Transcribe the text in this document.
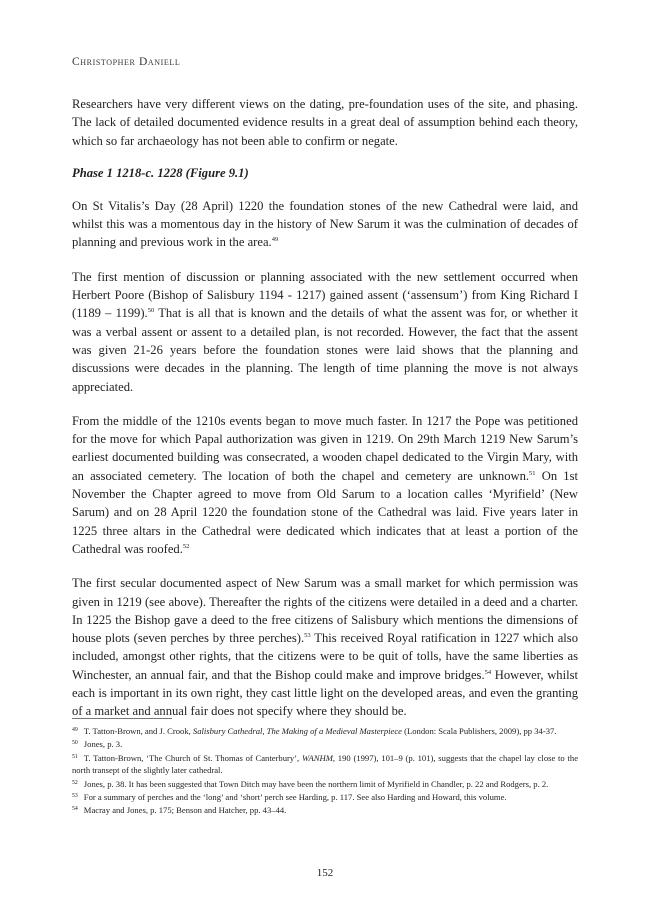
Christopher Daniell

Researchers have very different views on the dating, pre-foundation uses of the site, and phasing. The lack of detailed documented evidence results in a great deal of assumption behind each theory, which so far archaeology has not been able to confirm or negate.

Phase 1 1218-c. 1228 (Figure 9.1)

On St Vitalis’s Day (28 April) 1220 the foundation stones of the new Cathedral were laid, and whilst this was a momentous day in the history of New Sarum it was the culmination of decades of planning and previous work in the area.$^{49}$

The first mention of discussion or planning associated with the new settlement occurred when Herbert Poore (Bishop of Salisbury 1194 - 1217) gained assent (‘assensum’) from King Richard I (1189 – 1199).$^{50}$ That is all that is known and the details of what the assent was for, or whether it was a verbal assent or assent to a detailed plan, is not recorded. However, the fact that the assent was given 21-26 years before the foundation stones were laid shows that the planning and discussions were decades in the planning. The length of time planning the move is not always appreciated.

From the middle of the 1210s events began to move much faster. In 1217 the Pope was petitioned for the move for which Papal authorization was given in 1219. On 29th March 1219 New Sarum’s earliest documented building was consecrated, a wooden chapel dedicated to the Virgin Mary, with an associated cemetery. The location of both the chapel and cemetery are unknown.$^{51}$ On 1st November the Chapter agreed to move from Old Sarum to a location calles ‘Myrifield’ (New Sarum) and on 28 April 1220 the foundation stone of the Cathedral was laid. Five years later in 1225 three altars in the Cathedral were dedicated which indicates that at least a portion of the Cathedral was roofed.$^{52}$

The first secular documented aspect of New Sarum was a small market for which permission was given in 1219 (see above). Thereafter the rights of the citizens were detailed in a deed and a charter. In 1225 the Bishop gave a deed to the free citizens of Salisbury which mentions the dimensions of house plots (seven perches by three perches).$^{53}$ This received Royal ratification in 1227 which also included, amongst other rights, that the citizens were to be quit of tolls, have the same liberties as Winchester, an annual fair, and that the Bishop could make and improve bridges.$^{54}$ However, whilst each is important in its own right, they cast little light on the developed areas, and even the granting of a market and annual fair does not specify where they should be.

$^{49}$ T. Tatton-Brown, and J. Crook, Salisbury Cathedral, The Making of a Medieval Masterpiece (London: Scala Publishers, 2009), pp 34-37.

$^{50}$ Jones, p. 3.

$^{51}$ T. Tatton-Brown, ‘The Church of St. Thomas of Canterbury’, WANHM, 190 (1997), 101–9 (p. 101), suggests that the chapel lay close to the north transept of the slightly later cathedral.

$^{52}$ Jones, p. 38. It has been suggested that Town Ditch may have been the northern limit of Myrifield in Chandler, p. 22 and Rodgers, p. 2.

$^{53}$ For a summary of perches and the ‘long’ and ‘short’ perch see Harding, p. 117. See also Harding and Howard, this volume.

$^{54}$ Macray and Jones, p. 175; Benson and Hatcher, pp. 43–44.

152
